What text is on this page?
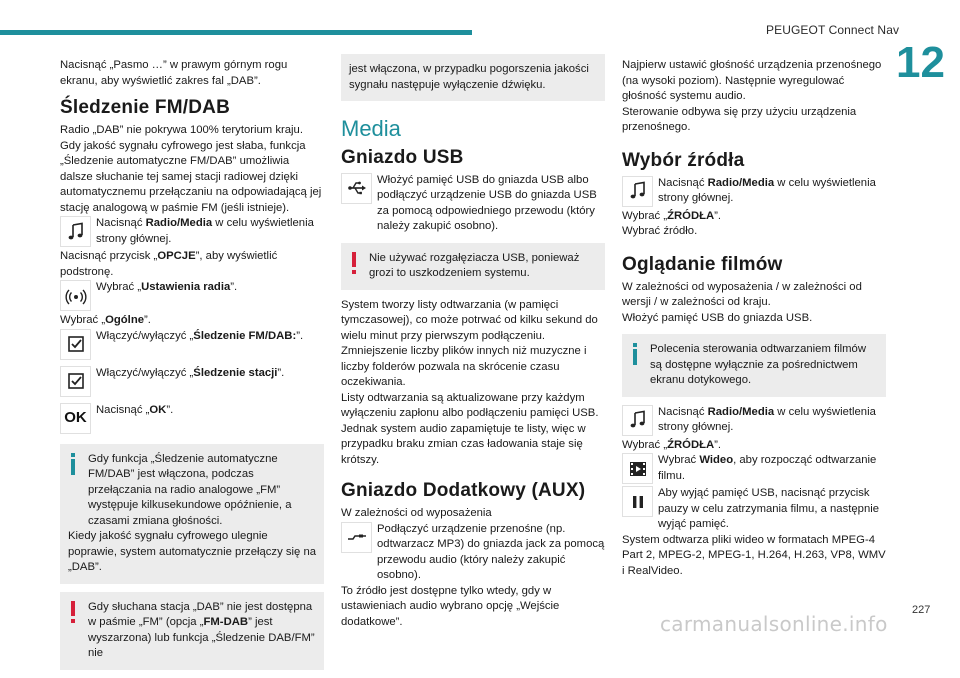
PEUGEOT Connect Nav
12

Nacisnąć „Pasmo …” w prawym górnym rogu ekranu, aby wyświetlić zakres fal „DAB”.

Śledzenie FM/DAB

Radio „DAB” nie pokrywa 100% terytorium kraju.

Gdy jakość sygnału cyfrowego jest słaba, funkcja „Śledzenie automatyczne FM/DAB” umożliwia dalsze słuchanie tej samej stacji radiowej dzięki automatycznemu przełączaniu na odpowiadającą jej stację analogową w paśmie FM (jeśli istnieje).

Nacisnąć Radio/Media w celu wyświetlenia strony głównej.

Nacisnąć przycisk „OPCJE”, aby wyświetlić podstronę.

Wybrać „Ustawienia radia”.

Wybrać „Ogólne”.

Włączyć/wyłączyć „Śledzenie FM/DAB:”.
Włączyć/wyłączyć „Śledzenie stacji”.
OK Nacisnąć „OK”.

Gdy funkcja „Śledzenie automatyczne FM/DAB” jest włączona, podczas przełączania na radio analogowe „FM” występuje kilkusekundowe opóźnienie, a czasami zmiana głośności.

Kiedy jakość sygnału cyfrowego ulegnie poprawie, system automatycznie przełączy się na „DAB”.

Gdy słuchana stacja „DAB” nie jest dostępna w paśmie „FM” (opcja „FM-DAB” jest wyszarzona) lub funkcja „Śledzenie DAB/FM” nie

jest włączona, w przypadku pogorszenia jakości sygnału następuje wyłączenie dźwięku.

Media
Gniazdo USB
Włożyć pamięć USB do gniazda USB albo podłączyć urządzenie USB do gniazda USB za pomocą odpowiedniego przewodu (który należy zakupić osobno).

Nie używać rozgałęziacza USB, ponieważ grozi to uszkodzeniem systemu.

System tworzy listy odtwarzania (w pamięci tymczasowej), co może potrwać od kilku sekund do wielu minut przy pierwszym podłączeniu.

Zmniejszenie liczby plików innych niż muzyczne i liczby folderów pozwala na skrócenie czasu oczekiwania.

Listy odtwarzania są aktualizowane przy każdym wyłączeniu zapłonu albo podłączeniu pamięci USB. Jednak system audio zapamiętuje te listy, więc w przypadku braku zmian czas ładowania staje się krótszy.

Gniazdo Dodatkowy (AUX)

W zależności od wyposażenia

Podłączyć urządzenie przenośne (np. odtwarzacz MP3) do gniazda jack za pomocą przewodu audio (który należy zakupić osobno).

To źródło jest dostępne tylko wtedy, gdy w ustawieniach audio wybrano opcję „Wejście dodatkowe”.

Najpierw ustawić głośność urządzenia przenośnego (na wysoki poziom). Następnie wyregulować głośność systemu audio.

Sterowanie odbywa się przy użyciu urządzenia przenośnego.

Wybór źródła
Nacisnąć Radio/Media w celu wyświetlenia strony głównej.

Wybrać „ŹRÓDŁA”.

Wybrać źródło.

Oglądanie filmów

W zależności od wyposażenia / w zależności od wersji / w zależności od kraju.

Włożyć pamięć USB do gniazda USB.

Polecenia sterowania odtwarzaniem filmów są dostępne wyłącznie za pośrednictwem ekranu dotykowego.

Nacisnąć Radio/Media w celu wyświetlenia strony głównej.

Wybrać „ŹRÓDŁA”.

Wybrać Wideo, aby rozpocząć odtwarzanie filmu.
Aby wyjąć pamięć USB, nacisnąć przycisk pauzy w celu zatrzymania filmu, a następnie wyjąć pamięć.

System odtwarza pliki wideo w formatach MPEG-4 Part 2, MPEG-2, MPEG-1, H.264, H.263, VP8, WMV i RealVideo.

carmanualsonline.info
227
